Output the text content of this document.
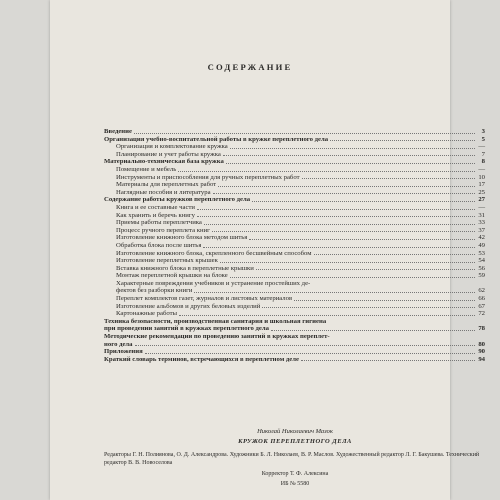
СОДЕРЖАНИЕ
Введение	3
Организация учебно-воспитательной работы в кружке переплетного дела	5
Организация и комплектование кружка	—
Планирование и учет работы кружка	7
Материально-техническая база кружка	8
Помещение и мебель	—
Инструменты и приспособления для ручных переплетных работ	10
Материалы для переплетных работ	17
Наглядные пособия и литература	25
Содержание работы кружков переплетного дела	27
Книга и ее составные части	—
Как хранить и беречь книгу	31
Приемы работы переплетчика	33
Процесс ручного переплета книг	37
Изготовление книжного блока методом шитья	42
Обработка блока после шитья	49
Изготовление книжного блока, скрепленного бесшвейным способом	53
Изготовление переплетных крышек	54
Вставка книжного блока в переплетные крышки	56
Монтаж переплетной крышки на блоке	59
Характерные повреждения учебников и устранение простейших де-
фектов без разборки книги	62
Переплет комплектов газет, журналов и листовых материалов	66
Изготовление альбомов и других беловых изделий	67
Картонажные работы	72
Техника безопасности, производственная санитария и школьная гигиена
при проведении занятий в кружках переплетного дела	78
Методические рекомендации по проведению занятий в кружках переплет-
ного дела	80
Приложения	90
Краткий словарь терминов, встречающихся в переплетном деле	94
Николай Николаевич Мазок
КРУЖОК ПЕРЕПЛЕТНОГО ДЕЛА
Редакторы Г. Н. Полиянова, О. Д. Александрова. Художники Б. Л. Николаев, В. Р. Маслов. Художественный редактор Л. Г. Бакушева. Технический редактор В. В. Новоселова
Корректор Т. Ф. Алексина
ИБ № 5580
